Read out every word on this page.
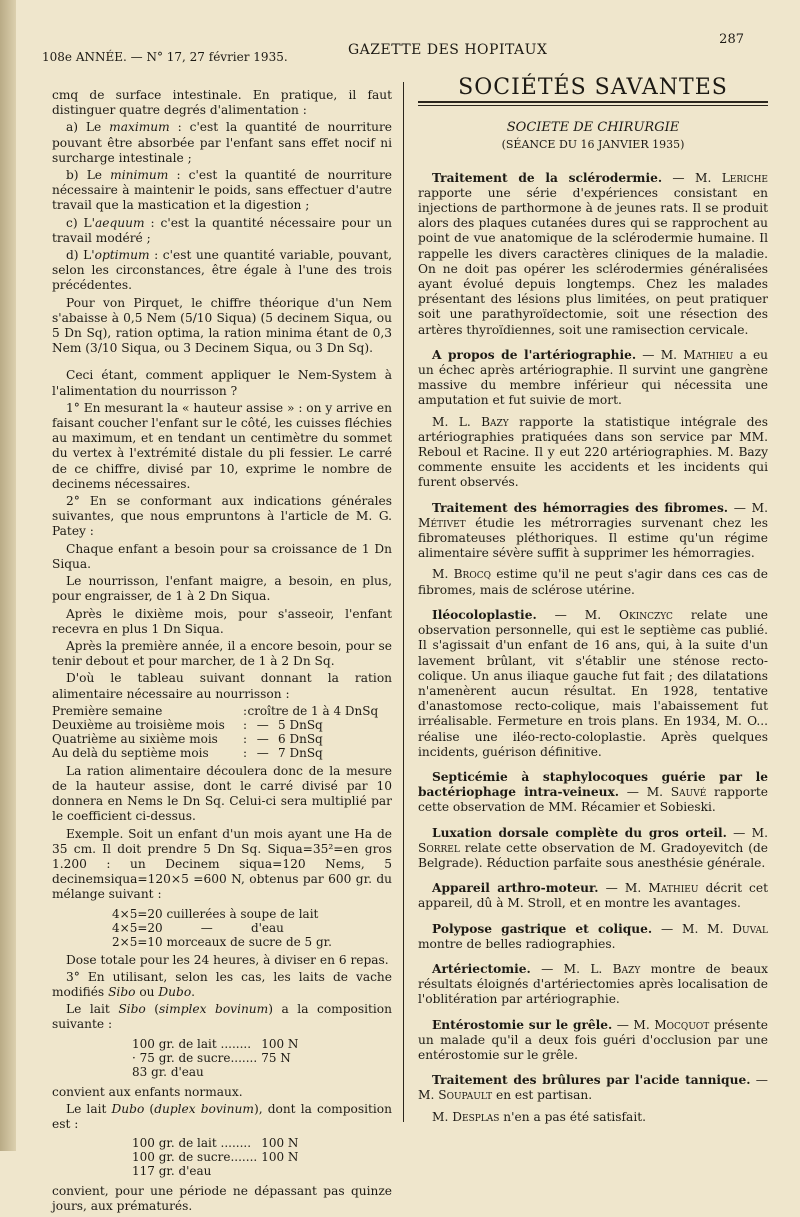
108e ANNÉE. — N° 17, 27 février 1935.	GAZETTE DES HOPITAUX
287

cmq de surface intestinale. En pratique, il faut distinguer quatre degrés d'alimentation :

a) Le maximum : c'est la quantité de nourriture pouvant être absorbée par l'enfant sans effet nocif ni surcharge intestinale ;

b) Le minimum : c'est la quantité de nourriture nécessaire à maintenir le poids, sans effectuer d'autre travail que la mastication et la digestion ;

c) L'aequum : c'est la quantité nécessaire pour un travail modéré ;

d) L'optimum : c'est une quantité variable, pouvant, selon les circonstances, être égale à l'une des trois précédentes.

Pour von Pirquet, le chiffre théorique d'un Nem s'abaisse à 0,5 Nem (5/10 Siqua) (5 decinem Siqua, ou 5 Dn Sq), ration optima, la ration minima étant de 0,3 Nem (3/10 Siqua, ou 3 Decinem Siqua, ou 3 Dn Sq).

Ceci étant, comment appliquer le Nem-System à l'alimentation du nourrisson ?

1° En mesurant la « hauteur assise » : on y arrive en faisant coucher l'enfant sur le côté, les cuisses fléchies au maximum, et en tendant un centimètre du sommet du vertex à l'extrémité distale du pli fessier. Le carré de ce chiffre, divisé par 10, exprime le nombre de decinems nécessaires.

2° En se conformant aux indications générales suivantes, que nous empruntons à l'article de M. G. Patey :

Chaque enfant a besoin pour sa croissance de 1 Dn Siqua.

Le nourrisson, l'enfant maigre, a besoin, en plus, pour engraisser, de 1 à 2 Dn Siqua.

Après le dixième mois, pour s'asseoir, l'enfant recevra en plus 1 Dn Siqua.

Après la première année, il a encore besoin, pour se tenir debout et pour marcher, de 1 à 2 Dn Sq.

D'où le tableau suivant donnant la ration alimentaire nécessaire au nourrisson :

Première semaine	:	croître de 1 à 4 DnSq	
Deuxième au troisième mois	:	—	5 DnSq
Quatrième au sixième mois	:	—	6 DnSq
Au delà du septième mois	:	—	7 DnSq

La ration alimentaire découlera donc de la mesure de la hauteur assise, dont le carré divisé par 10 donnera en Nems le Dn Sq. Celui-ci sera multiplié par le coefficient ci-dessus.

Exemple. Soit un enfant d'un mois ayant une Ha de 35 cm. Il doit prendre 5 Dn Sq. Siqua=35²=en gros 1.200 : un Decinem siqua=120 Nems, 5 decinemsiqua=120×5 =600 N, obtenus par 600 gr. du mélange suivant :

4×5=20 cuillerées à soupe de lait
4×5=20          —          d'eau
2×5=10 morceaux de sucre de 5 gr.

Dose totale pour les 24 heures, à diviser en 6 repas.

3° En utilisant, selon les cas, les laits de vache modifiés Sibo ou Dubo.

Le lait Sibo (simplex bovinum) a la composition suivante :

100 gr. de lait ........	100 N
· 75 gr. de sucre.......	75 N
83 gr. d'eau	

convient aux enfants normaux.

Le lait Dubo (duplex bovinum), dont la composition est :

100 gr. de lait ........	100 N
100 gr. de sucre.......	100 N
117 gr. d'eau	

convient, pour une période ne dépassant pas quinze jours, aux prématurés.

SOCIÉTÉS SAVANTES
SOCIETE DE CHIRURGIE
(SÉANCE DU 16 JANVIER 1935)

Traitement de la sclérodermie. — M. Leriche rapporte une série d'expériences consistant en injections de parthormone à de jeunes rats. Il se produit alors des plaques cutanées dures qui se rapprochent au point de vue anatomique de la sclérodermie humaine. Il rappelle les divers caractères cliniques de la maladie. On ne doit pas opérer les sclérodermies généralisées ayant évolué depuis longtemps. Chez les malades présentant des lésions plus limitées, on peut pratiquer soit une parathyroïdectomie, soit une résection des artères thyroïdiennes, soit une ramisection cervicale.

A propos de l'artériographie. — M. Mathieu a eu un échec après artériographie. Il survint une gangrène massive du membre inférieur qui nécessita une amputation et fut suivie de mort.

M. L. Bazy rapporte la statistique intégrale des artériographies pratiquées dans son service par MM. Reboul et Racine. Il y eut 220 artériographies. M. Bazy commente ensuite les accidents et les incidents qui furent observés.

Traitement des hémorragies des fibromes. — M. Métivet étudie les métrorragies survenant chez les fibromateuses pléthoriques. Il estime qu'un régime alimentaire sévère suffit à supprimer les hémorragies.

M. Brocq estime qu'il ne peut s'agir dans ces cas de fibromes, mais de sclérose utérine.

Iléocoloplastie. — M. Okinczyc relate une observation personnelle, qui est le septième cas publié. Il s'agissait d'un enfant de 16 ans, qui, à la suite d'un lavement brûlant, vit s'établir une sténose recto-colique. Un anus iliaque gauche fut fait ; des dilatations n'amenèrent aucun résultat. En 1928, tentative d'anastomose recto-colique, mais l'abaissement fut irréalisable. Fermeture en trois plans. En 1934, M. O... réalise une iléo-recto-coloplastie. Après quelques incidents, guérison définitive.

Septicémie à staphylocoques guérie par le bactériophage intra-veineux. — M. Sauvé rapporte cette observation de MM. Récamier et Sobieski.

Luxation dorsale complète du gros orteil. — M. Sorrel relate cette observation de M. Gradoyevitch (de Belgrade). Réduction parfaite sous anesthésie générale.

Appareil arthro-moteur. — M. Mathieu décrit cet appareil, dû à M. Stroll, et en montre les avantages.

Polypose gastrique et colique. — M. M. Duval montre de belles radiographies.

Artériectomie. — M. L. Bazy montre de beaux résultats éloignés d'artériectomies après localisation de l'oblitération par artériographie.

Entérostomie sur le grêle. — M. Mocquot présente un malade qu'il a deux fois guéri d'occlusion par une entérostomie sur le grêle.

Traitement des brûlures par l'acide tannique. — M. Soupault en est partisan.

M. Desplas n'en a pas été satisfait.
